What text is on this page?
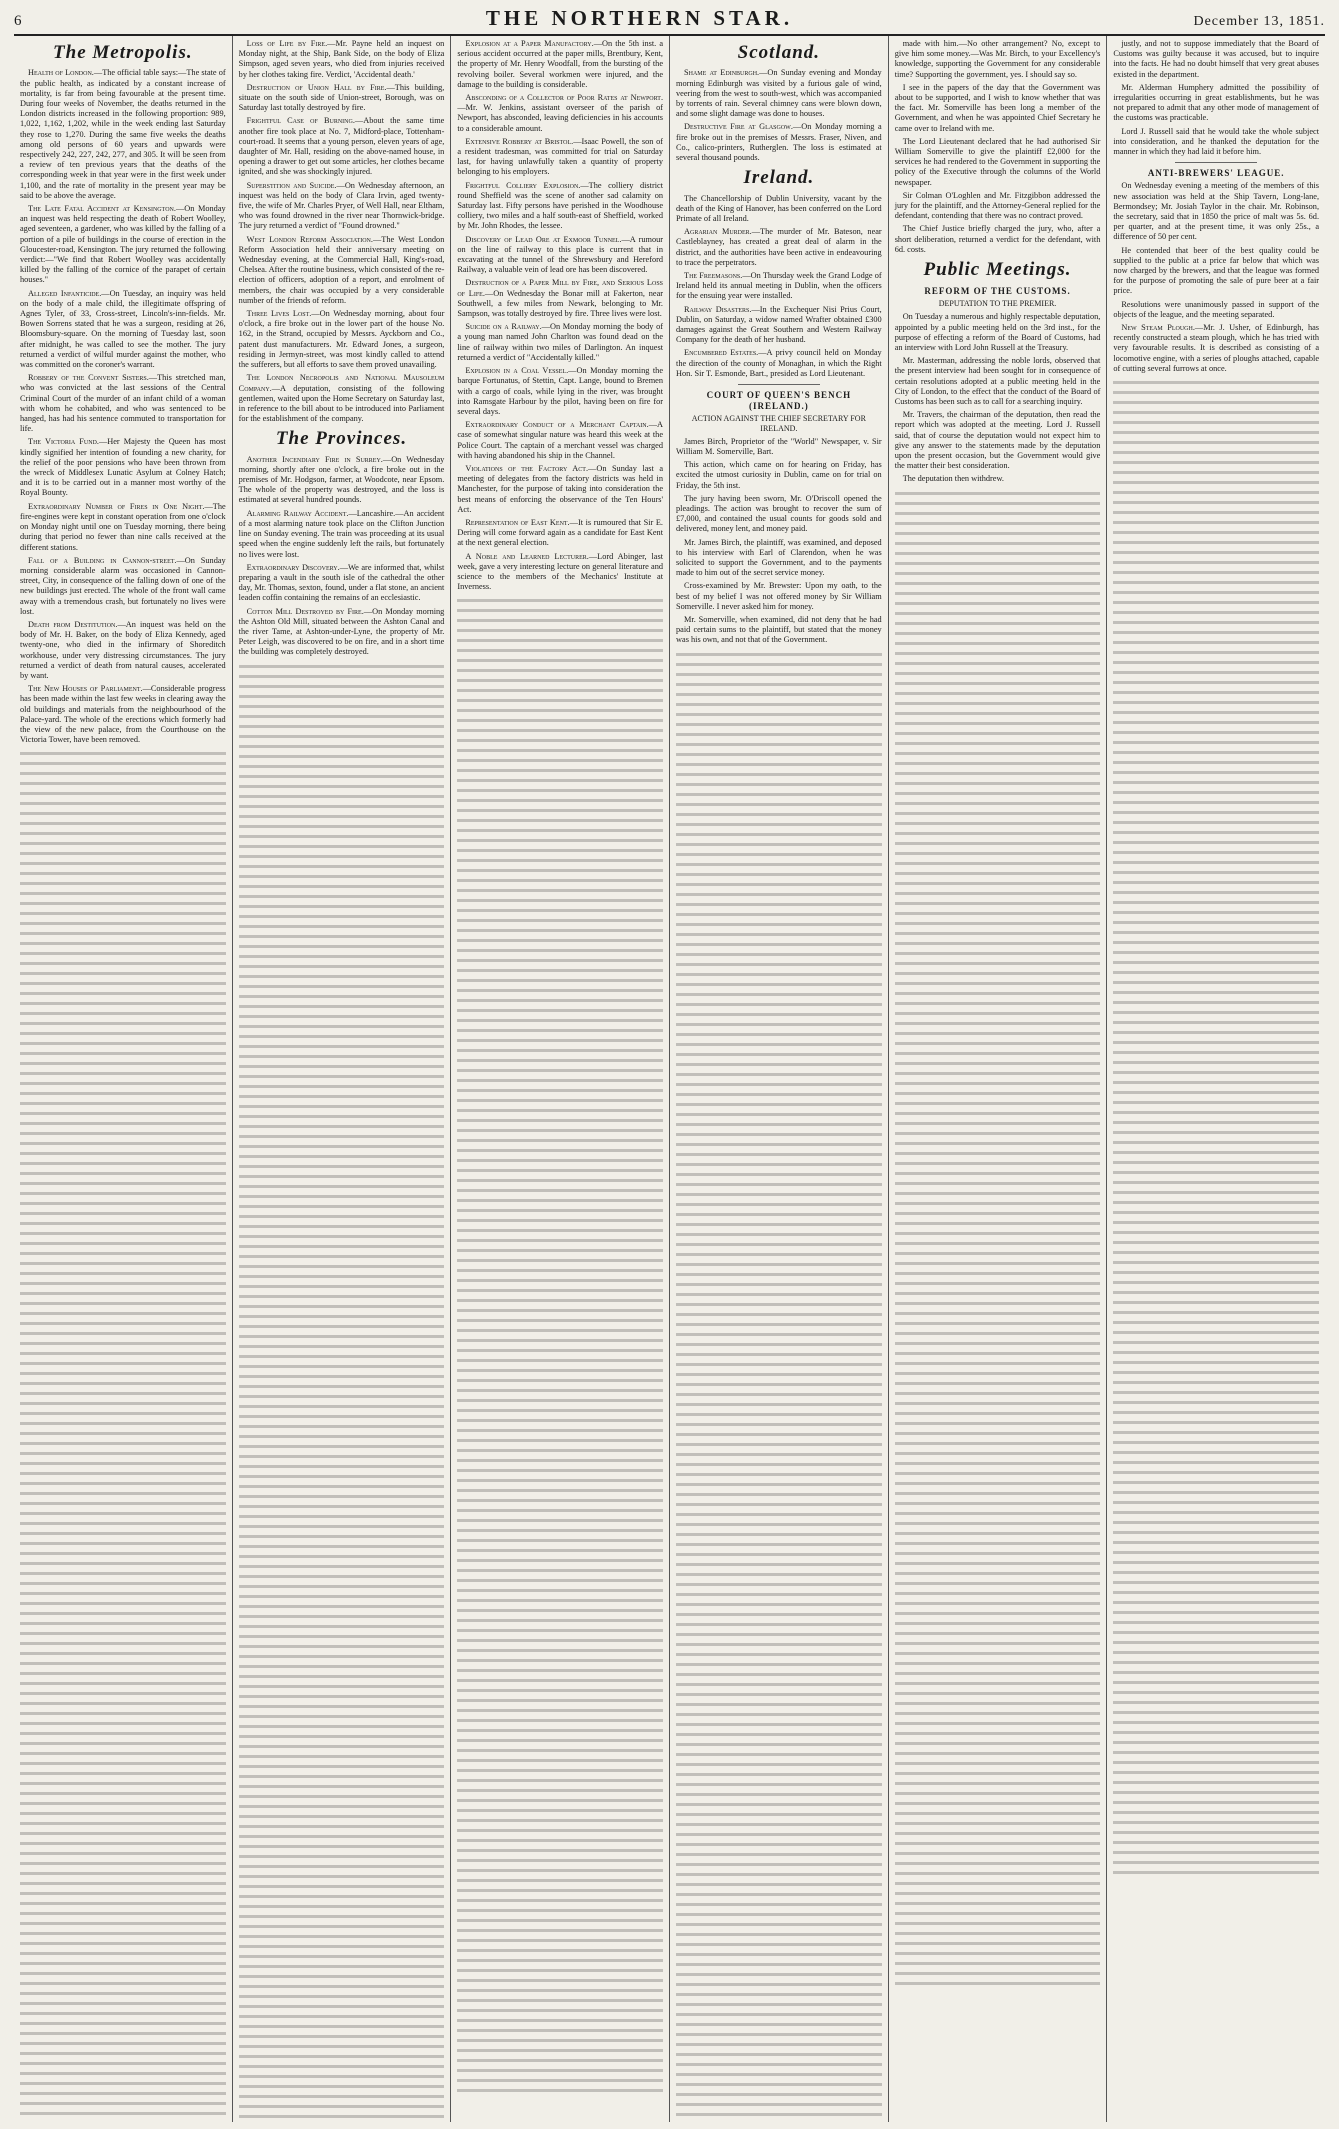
6	THE NORTHERN STAR.	December 13, 1851.
The Metropolis.

Health of London.—The official table says:—The state of the public health, as indicated by a constant increase of mortality, is far from being favourable at the present time. During four weeks of November, the deaths returned in the London districts increased in the following proportion: 989, 1,022, 1,162, 1,202, while in the week ending last Saturday they rose to 1,270. During the same five weeks the deaths among old persons of 60 years and upwards were respectively 242, 227, 242, 277, and 305. It will be seen from a review of ten previous years that the deaths of the corresponding week in that year were in the first week under 1,100, and the rate of mortality in the present year may be said to be above the average.

The Late Fatal Accident at Kensington.—On Monday an inquest was held respecting the death of Robert Woolley, aged seventeen, a gardener, who was killed by the falling of a portion of a pile of buildings in the course of erection in the Gloucester-road, Kensington. The jury returned the following verdict:—"We find that Robert Woolley was accidentally killed by the falling of the cornice of the parapet of certain houses."

Alleged Infanticide.—On Tuesday, an inquiry was held on the body of a male child, the illegitimate offspring of Agnes Tyler, of 33, Cross-street, Lincoln's-inn-fields. Mr. Bowen Sorrens stated that he was a surgeon, residing at 26, Bloomsbury-square. On the morning of Tuesday last, soon after midnight, he was called to see the mother. The jury returned a verdict of wilful murder against the mother, who was committed on the coroner's warrant.

Robbery of the Convent Sisters.—This stretched man, who was convicted at the last sessions of the Central Criminal Court of the murder of an infant child of a woman with whom he cohabited, and who was sentenced to be hanged, has had his sentence commuted to transportation for life.

The Victoria Fund.—Her Majesty the Queen has most kindly signified her intention of founding a new charity, for the relief of the poor pensions who have been thrown from the wreck of Middlesex Lunatic Asylum at Colney Hatch; and it is to be carried out in a manner most worthy of the Royal Bounty.

Extraordinary Number of Fires in One Night.—The fire-engines were kept in constant operation from one o'clock on Monday night until one on Tuesday morning, there being during that period no fewer than nine calls received at the different stations.

Fall of a Building in Cannon-street.—On Sunday morning considerable alarm was occasioned in Cannon-street, City, in consequence of the falling down of one of the new buildings just erected. The whole of the front wall came away with a tremendous crash, but fortunately no lives were lost.

Death from Destitution.—An inquest was held on the body of Mr. H. Baker, on the body of Eliza Kennedy, aged twenty-one, who died in the infirmary of Shoreditch workhouse, under very distressing circumstances. The jury returned a verdict of death from natural causes, accelerated by want.

The New Houses of Parliament.—Considerable progress has been made within the last few weeks in clearing away the old buildings and materials from the neighbourhood of the Palace-yard. The whole of the erections which formerly had the view of the new palace, from the Courthouse on the Victoria Tower, have been removed.

Loss of Life by Fire.—Mr. Payne held an inquest on Monday night, at the Ship, Bank Side, on the body of Eliza Simpson, aged seven years, who died from injuries received by her clothes taking fire. Verdict, 'Accidental death.'

Destruction of Union Hall by Fire.—This building, situate on the south side of Union-street, Borough, was on Saturday last totally destroyed by fire.

Frightful Case of Burning.—About the same time another fire took place at No. 7, Midford-place, Tottenham-court-road. It seems that a young person, eleven years of age, daughter of Mr. Hall, residing on the above-named house, in opening a drawer to get out some articles, her clothes became ignited, and she was shockingly injured.

Superstition and Suicide.—On Wednesday afternoon, an inquest was held on the body of Clara Irvin, aged twenty-five, the wife of Mr. Charles Pryer, of Well Hall, near Eltham, who was found drowned in the river near Thornwick-bridge. The jury returned a verdict of "Found drowned."

West London Reform Association.—The West London Reform Association held their anniversary meeting on Wednesday evening, at the Commercial Hall, King's-road, Chelsea. After the routine business, which consisted of the re-election of officers, adoption of a report, and enrolment of members, the chair was occupied by a very considerable number of the friends of reform.

Three Lives Lost.—On Wednesday morning, about four o'clock, a fire broke out in the lower part of the house No. 162, in the Strand, occupied by Messrs. Ayckborn and Co., patent dust manufacturers. Mr. Edward Jones, a surgeon, residing in Jermyn-street, was most kindly called to attend the sufferers, but all efforts to save them proved unavailing.

The London Necropolis and National Mausoleum Company.—A deputation, consisting of the following gentlemen, waited upon the Home Secretary on Saturday last, in reference to the bill about to be introduced into Parliament for the establishment of the company.

The Provinces.

Another Incendiary Fire in Surrey.—On Wednesday morning, shortly after one o'clock, a fire broke out in the premises of Mr. Hodgson, farmer, at Woodcote, near Epsom. The whole of the property was destroyed, and the loss is estimated at several hundred pounds.

Alarming Railway Accident.—Lancashire.—An accident of a most alarming nature took place on the Clifton Junction line on Sunday evening. The train was proceeding at its usual speed when the engine suddenly left the rails, but fortunately no lives were lost.

Extraordinary Discovery.—We are informed that, whilst preparing a vault in the south isle of the cathedral the other day, Mr. Thomas, sexton, found, under a flat stone, an ancient leaden coffin containing the remains of an ecclesiastic.

Cotton Mill Destroyed by Fire.—On Monday morning the Ashton Old Mill, situated between the Ashton Canal and the river Tame, at Ashton-under-Lyne, the property of Mr. Peter Leigh, was discovered to be on fire, and in a short time the building was completely destroyed.

Explosion at a Paper Manufactory.—On the 5th inst. a serious accident occurred at the paper mills, Brentbury, Kent, the property of Mr. Henry Woodfall, from the bursting of the revolving boiler. Several workmen were injured, and the damage to the building is considerable.

Absconding of a Collector of Poor Rates at Newport.—Mr. W. Jenkins, assistant overseer of the parish of Newport, has absconded, leaving deficiencies in his accounts to a considerable amount.

Extensive Robbery at Bristol.—Isaac Powell, the son of a resident tradesman, was committed for trial on Saturday last, for having unlawfully taken a quantity of property belonging to his employers.

Frightful Colliery Explosion.—The colliery district round Sheffield was the scene of another sad calamity on Saturday last. Fifty persons have perished in the Woodhouse colliery, two miles and a half south-east of Sheffield, worked by Mr. John Rhodes, the lessee.

Discovery of Lead Ore at Exmoor Tunnel.—A rumour on the line of railway to this place is current that in excavating at the tunnel of the Shrewsbury and Hereford Railway, a valuable vein of lead ore has been discovered.

Destruction of a Paper Mill by Fire, and Serious Loss of Life.—On Wednesday the Bonar mill at Fakerton, near Southwell, a few miles from Newark, belonging to Mr. Sampson, was totally destroyed by fire. Three lives were lost.

Suicide on a Railway.—On Monday morning the body of a young man named John Charlton was found dead on the line of railway within two miles of Darlington. An inquest returned a verdict of "Accidentally killed."

Explosion in a Coal Vessel.—On Monday morning the barque Fortunatus, of Stettin, Capt. Lange, bound to Bremen with a cargo of coals, while lying in the river, was brought into Ramsgate Harbour by the pilot, having been on fire for several days.

Extraordinary Conduct of a Merchant Captain.—A case of somewhat singular nature was heard this week at the Police Court. The captain of a merchant vessel was charged with having abandoned his ship in the Channel.

Violations of the Factory Act.—On Sunday last a meeting of delegates from the factory districts was held in Manchester, for the purpose of taking into consideration the best means of enforcing the observance of the Ten Hours' Act.

Representation of East Kent.—It is rumoured that Sir E. Dering will come forward again as a candidate for East Kent at the next general election.

A Noble and Learned Lecturer.—Lord Abinger, last week, gave a very interesting lecture on general literature and science to the members of the Mechanics' Institute at Inverness.

Scotland.

Shame at Edinburgh.—On Sunday evening and Monday morning Edinburgh was visited by a furious gale of wind, veering from the west to south-west, which was accompanied by torrents of rain. Several chimney cans were blown down, and some slight damage was done to houses.

Destructive Fire at Glasgow.—On Monday morning a fire broke out in the premises of Messrs. Fraser, Niven, and Co., calico-printers, Rutherglen. The loss is estimated at several thousand pounds.

Ireland.

The Chancellorship of Dublin University, vacant by the death of the King of Hanover, has been conferred on the Lord Primate of all Ireland.

Agrarian Murder.—The murder of Mr. Bateson, near Castleblayney, has created a great deal of alarm in the district, and the authorities have been active in endeavouring to trace the perpetrators.

The Freemasons.—On Thursday week the Grand Lodge of Ireland held its annual meeting in Dublin, when the officers for the ensuing year were installed.

Railway Disasters.—In the Exchequer Nisi Prius Court, Dublin, on Saturday, a widow named Wrafter obtained £300 damages against the Great Southern and Western Railway Company for the death of her husband.

Encumbered Estates.—A privy council held on Monday the direction of the county of Monaghan, in which the Right Hon. Sir T. Esmonde, Bart., presided as Lord Lieutenant.

COURT OF QUEEN'S BENCH (IRELAND.)
ACTION AGAINST THE CHIEF SECRETARY FOR IRELAND.

James Birch, Proprietor of the "World" Newspaper, v. Sir William M. Somerville, Bart.

This action, which came on for hearing on Friday, has excited the utmost curiosity in Dublin, came on for trial on Friday, the 5th inst.

The jury having been sworn, Mr. O'Driscoll opened the pleadings. The action was brought to recover the sum of £7,000, and contained the usual counts for goods sold and delivered, money lent, and money paid.

Mr. James Birch, the plaintiff, was examined, and deposed to his interview with Earl of Clarendon, when he was solicited to support the Government, and to the payments made to him out of the secret service money.

Cross-examined by Mr. Brewster: Upon my oath, to the best of my belief I was not offered money by Sir William Somerville. I never asked him for money.

Mr. Somerville, when examined, did not deny that he had paid certain sums to the plaintiff, but stated that the money was his own, and not that of the Government.

made with him.—No other arrangement? No, except to give him some money.—Was Mr. Birch, to your Excellency's knowledge, supporting the Government for any considerable time? Supporting the government, yes. I should say so.

I see in the papers of the day that the Government was about to be supported, and I wish to know whether that was the fact. Mr. Somerville has been long a member of the Government, and when he was appointed Chief Secretary he came over to Ireland with me.

The Lord Lieutenant declared that he had authorised Sir William Somerville to give the plaintiff £2,000 for the services he had rendered to the Government in supporting the policy of the Executive through the columns of the World newspaper.

Sir Colman O'Loghlen and Mr. Fitzgibbon addressed the jury for the plaintiff, and the Attorney-General replied for the defendant, contending that there was no contract proved.

The Chief Justice briefly charged the jury, who, after a short deliberation, returned a verdict for the defendant, with 6d. costs.

Public Meetings.
REFORM OF THE CUSTOMS.
DEPUTATION TO THE PREMIER.

On Tuesday a numerous and highly respectable deputation, appointed by a public meeting held on the 3rd inst., for the purpose of effecting a reform of the Board of Customs, had an interview with Lord John Russell at the Treasury.

Mr. Masterman, addressing the noble lords, observed that the present interview had been sought for in consequence of certain resolutions adopted at a public meeting held in the City of London, to the effect that the conduct of the Board of Customs has been such as to call for a searching inquiry.

Mr. Travers, the chairman of the deputation, then read the report which was adopted at the meeting. Lord J. Russell said, that of course the deputation would not expect him to give any answer to the statements made by the deputation upon the present occasion, but the Government would give the matter their best consideration.

The deputation then withdrew.

justly, and not to suppose immediately that the Board of Customs was guilty because it was accused, but to inquire into the facts. He had no doubt himself that very great abuses existed in the department.

Mr. Alderman Humphery admitted the possibility of irregularities occurring in great establishments, but he was not prepared to admit that any other mode of management of the customs was practicable.

Lord J. Russell said that he would take the whole subject into consideration, and he thanked the deputation for the manner in which they had laid it before him.

ANTI-BREWERS' LEAGUE.

On Wednesday evening a meeting of the members of this new association was held at the Ship Tavern, Long-lane, Bermondsey; Mr. Josiah Taylor in the chair. Mr. Robinson, the secretary, said that in 1850 the price of malt was 5s. 6d. per quarter, and at the present time, it was only 25s., a difference of 50 per cent.

He contended that beer of the best quality could be supplied to the public at a price far below that which was now charged by the brewers, and that the league was formed for the purpose of promoting the sale of pure beer at a fair price.

Resolutions were unanimously passed in support of the objects of the league, and the meeting separated.

New Steam Plough.—Mr. J. Usher, of Edinburgh, has recently constructed a steam plough, which he has tried with very favourable results. It is described as consisting of a locomotive engine, with a series of ploughs attached, capable of cutting several furrows at once.
